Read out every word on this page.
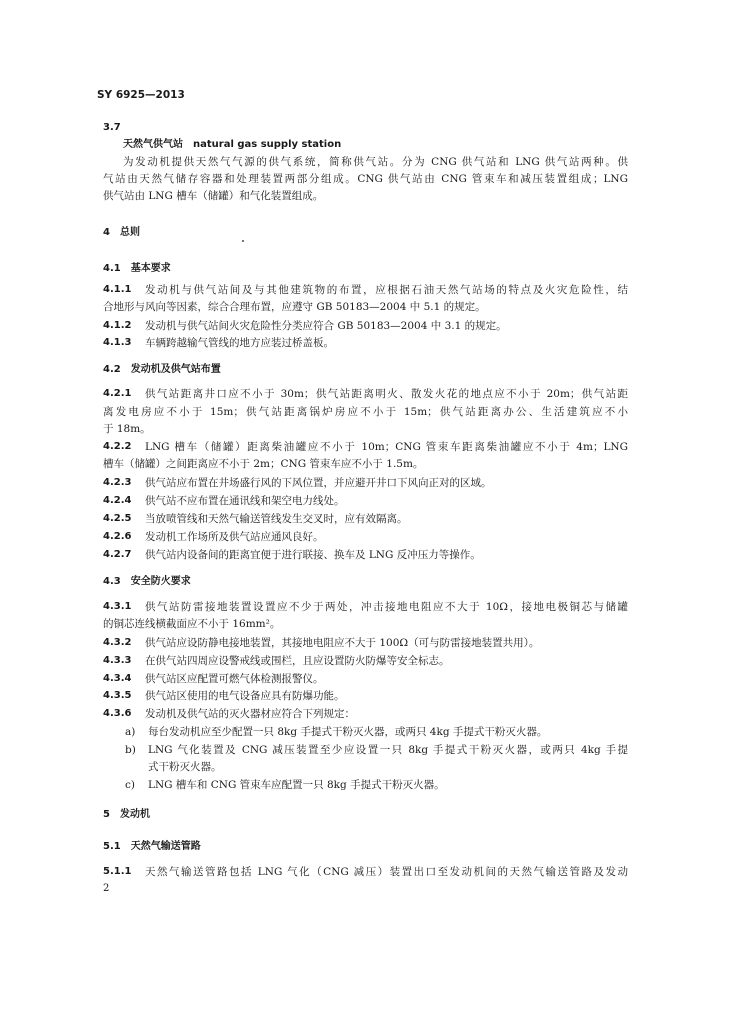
SY 6925—2013
3.7
天然气供气站　natural gas supply station
为发动机提供天然气气源的供气系统，简称供气站。分为 CNG 供气站和 LNG 供气站两种。供
气站由天然气储存容器和处理装置两部分组成。CNG 供气站由 CNG 管束车和减压装置组成；LNG
供气站由 LNG 槽车（储罐）和气化装置组成。
4　总则
4.1　基本要求
4.1.1 发动机与供气站间及与其他建筑物的布置，应根据石油天然气站场的特点及火灾危险性，结
合地形与风向等因素，综合合理布置，应遵守 GB 50183—2004 中 5.1 的规定。
4.1.2 发动机与供气站间火灾危险性分类应符合 GB 50183—2004 中 3.1 的规定。
4.1.3 车辆跨越输气管线的地方应装过桥盖板。
4.2　发动机及供气站布置
4.2.1 供气站距离井口应不小于 30m；供气站距离明火、散发火花的地点应不小于 20m；供气站距
离发电房应不小于 15m；供气站距离锅炉房应不小于 15m；供气站距离办公、生活建筑应不小
于 18m。
4.2.2 LNG 槽车（储罐）距离柴油罐应不小于 10m；CNG 管束车距离柴油罐应不小于 4m；LNG
槽车（储罐）之间距离应不小于 2m；CNG 管束车应不小于 1.5m。
4.2.3 供气站应布置在井场盛行风的下风位置，并应避开井口下风向正对的区域。
4.2.4 供气站不应布置在通讯线和架空电力线处。
4.2.5 当放喷管线和天然气输送管线发生交叉时，应有效隔离。
4.2.6 发动机工作场所及供气站应通风良好。
4.2.7 供气站内设备间的距离宜便于进行联接、换车及 LNG 反冲压力等操作。
4.3　安全防火要求
4.3.1 供气站防雷接地装置设置应不少于两处，冲击接地电阻应不大于 10Ω，接地电极铜芯与储罐
的铜芯连线横截面应不小于 16mm²。
4.3.2 供气站应设防静电接地装置，其接地电阻应不大于 100Ω（可与防雷接地装置共用）。
4.3.3 在供气站四周应设警戒线或围栏，且应设置防火防爆等安全标志。
4.3.4 供气站区应配置可燃气体检测报警仪。
4.3.5 供气站区使用的电气设备应具有防爆功能。
4.3.6 发动机及供气站的灭火器材应符合下列规定：
a) 每台发动机应至少配置一只 8kg 手提式干粉灭火器，或两只 4kg 手提式干粉灭火器。
b) LNG 气化装置及 CNG 减压装置至少应设置一只 8kg 手提式干粉灭火器，或两只 4kg 手提
式干粉灭火器。
c) LNG 槽车和 CNG 管束车应配置一只 8kg 手提式干粉灭火器。
5　发动机
5.1　天然气输送管路
5.1.1 天然气输送管路包括 LNG 气化（CNG 减压）装置出口至发动机间的天然气输送管路及发动
2
